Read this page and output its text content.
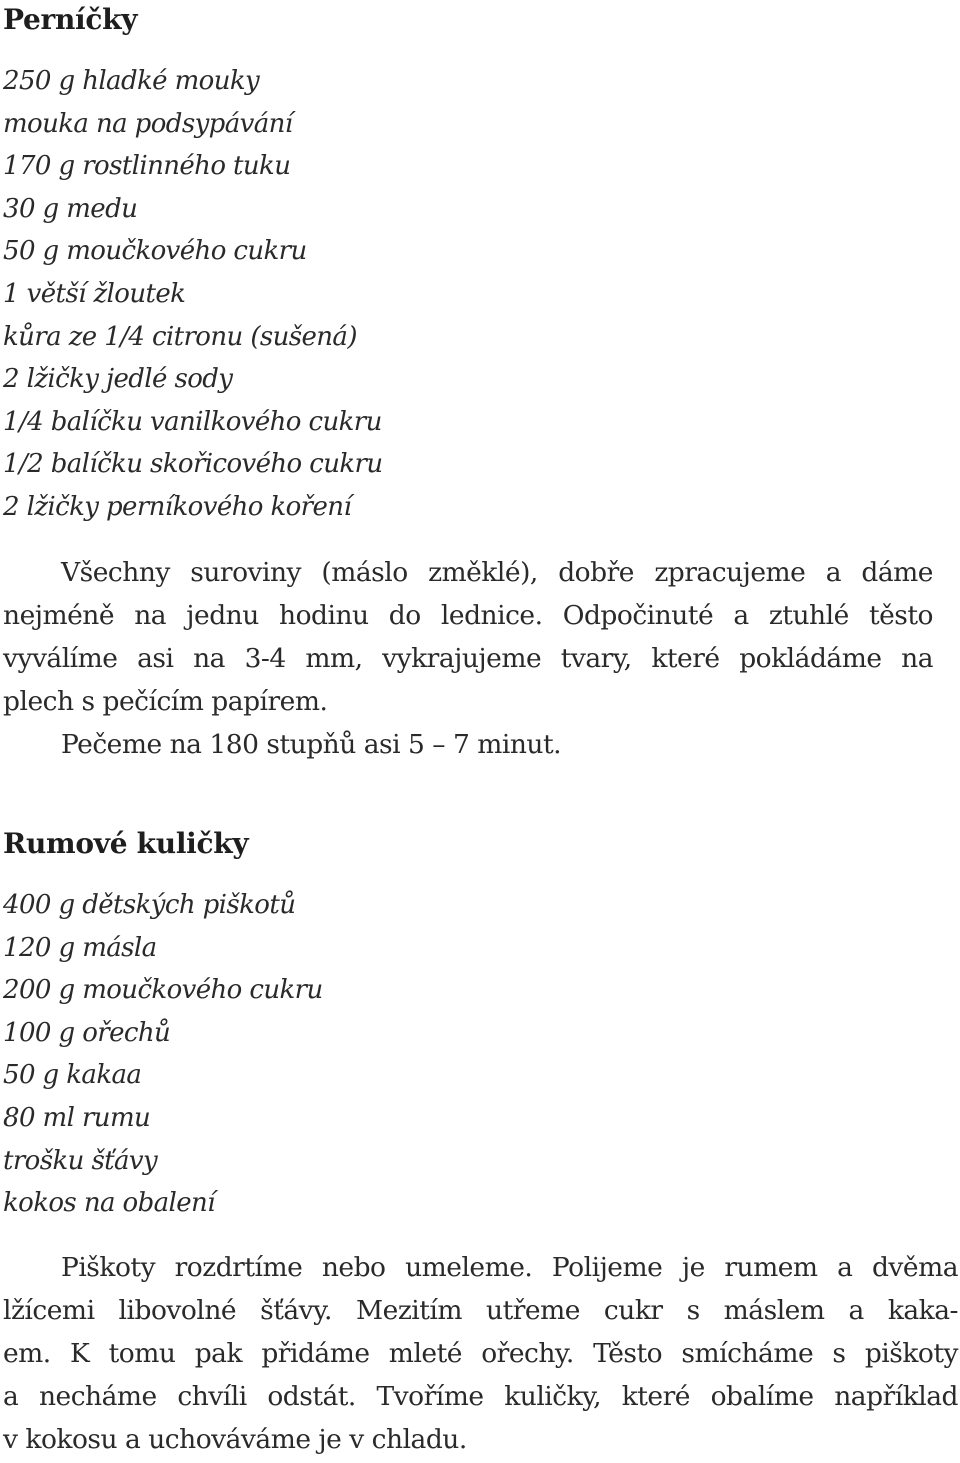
Perníčky
250 g hladké mouky
mouka na podsypávání
170 g rostlinného tuku
30 g medu
50 g moučkového cukru
1 větší žloutek
kůra ze 1/4 citronu (sušená)
2 lžičky jedlé sody
1/4 balíčku vanilkového cukru
1/2 balíčku skořicového cukru
2 lžičky perníkového koření
Všechny suroviny (máslo změklé), dobře zpracujeme a dáme
nejméně na jednu hodinu do lednice. Odpočinuté a ztuhlé těsto
vyválíme asi na 3-4 mm, vykrajujeme tvary, které pokládáme na
plech s pečícím papírem.
Pečeme na 180 stupňů asi 5 – 7 minut.
Rumové kuličky
400 g dětských piškotů
120 g másla
200 g moučkového cukru
100 g ořechů
50 g kakaa
80 ml rumu
trošku šťávy
kokos na obalení
Piškoty rozdrtíme nebo umeleme. Polijeme je rumem a dvěma
lžícemi libovolné šťávy. Mezitím utřeme cukr s máslem a kaka-
em. K tomu pak přidáme mleté ořechy. Těsto smícháme s piškoty
a necháme chvíli odstát. Tvoříme kuličky, které obalíme například
v kokosu a uchováváme je v chladu.
